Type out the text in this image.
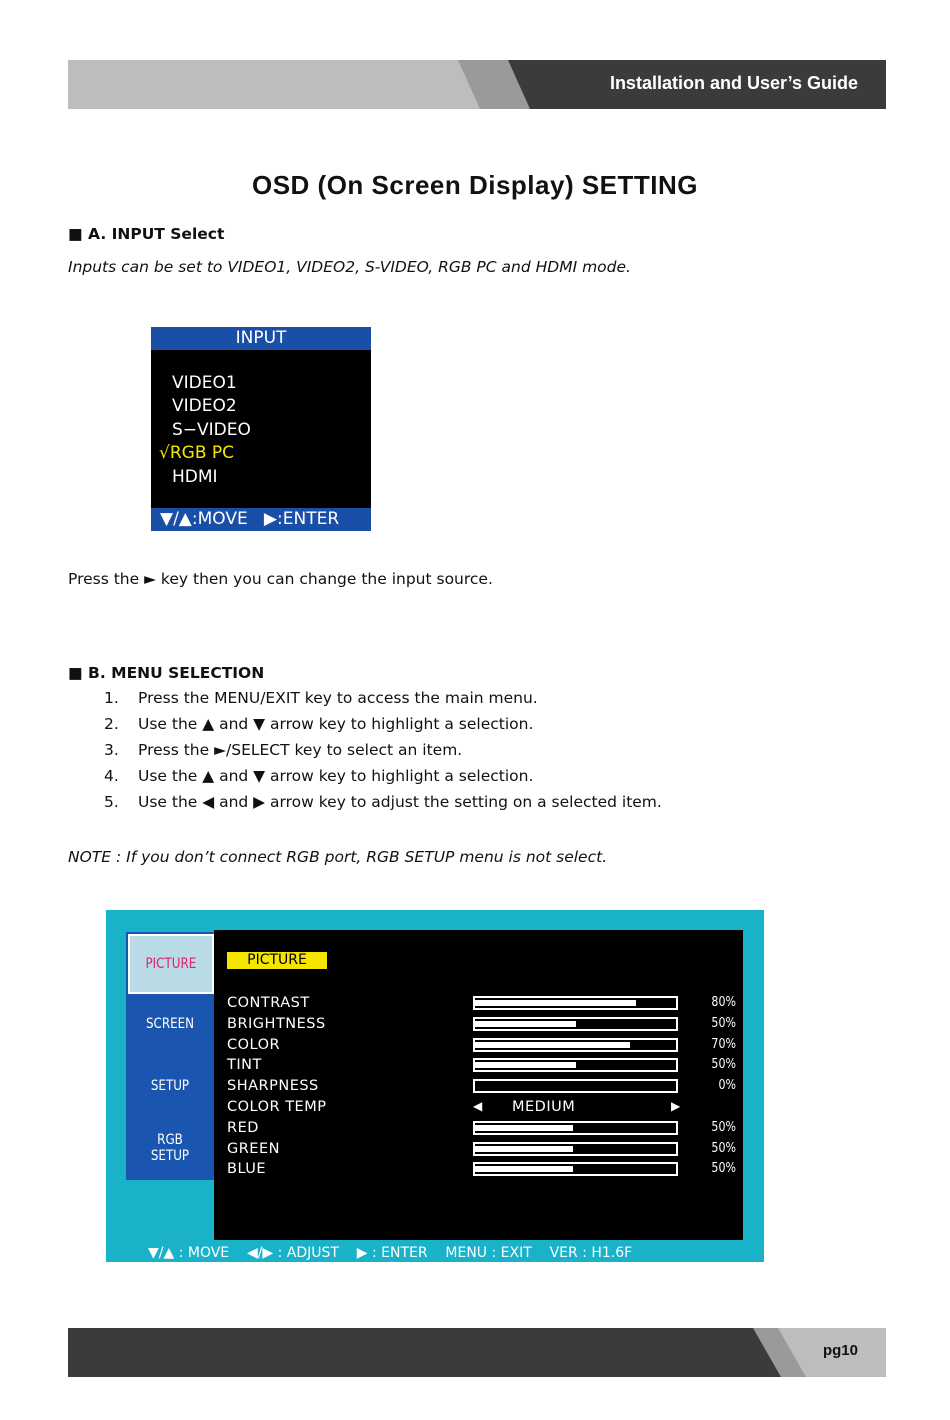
Installation and User’s Guide
OSD (On Screen Display) SETTING
■ A. INPUT Select
Inputs can be set to VIDEO1, VIDEO2, S-VIDEO, RGB PC and HDMI mode.
INPUT
VIDEO1
VIDEO2
S−VIDEO
√RGB PC
HDMI
▼/▲:MOVE   ▶:ENTER
Press the ► key then you can change the input source.
■ B. MENU SELECTION
1. Press the MENU/EXIT key to access the main menu.
2. Use the ▲ and ▼ arrow key to highlight a selection.
3. Press the ►/SELECT key to select an item.
4. Use the ▲ and ▼ arrow key to highlight a selection.
5. Use the ◀ and ▶ arrow key to adjust the setting on a selected item.
NOTE : If you don’t connect RGB port, RGB SETUP menu is not select.
PICTURE
SCREEN
SETUP
RGB
SETUP
PICTURE
CONTRAST	80%
BRIGHTNESS	50%
COLOR	70%
TINT	50%
SHARPNESS	0%
COLOR TEMP	◀ MEDIUM	▶
RED	50%
GREEN	50%
BLUE	50%
▼/▲ : MOVE    ◀/▶ : ADJUST    ▶ : ENTER    MENU : EXIT    VER : H1.6F
pg10
